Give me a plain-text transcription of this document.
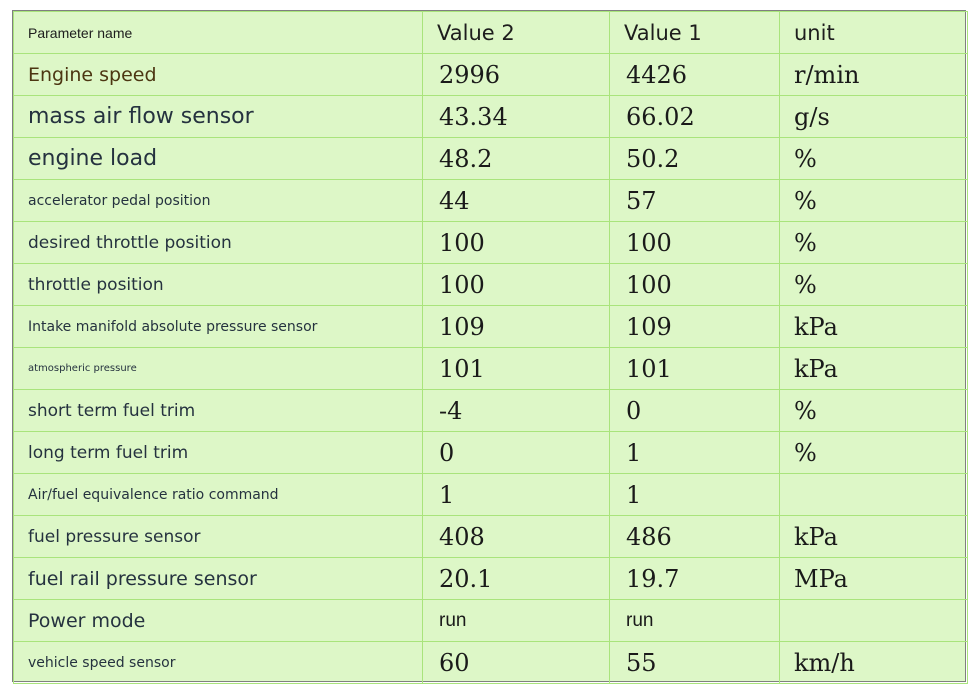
Parameter name	Value 2	Value 1	unit
Engine speed	2996	4426	r/min
mass air flow sensor	43.34	66.02	g/s
engine load	48.2	50.2	%
accelerator pedal position	44	57	%
desired throttle position	100	100	%
throttle position	100	100	%
Intake manifold absolute pressure sensor	109	109	kPa
atmospheric pressure	101	101	kPa
short term fuel trim	-4	0	%
long term fuel trim	0	1	%
Air/fuel equivalence ratio command	1	1	
fuel pressure sensor	408	486	kPa
fuel rail pressure sensor	20.1	19.7	MPa
Power mode	run	run	
vehicle speed sensor	60	55	km/h
